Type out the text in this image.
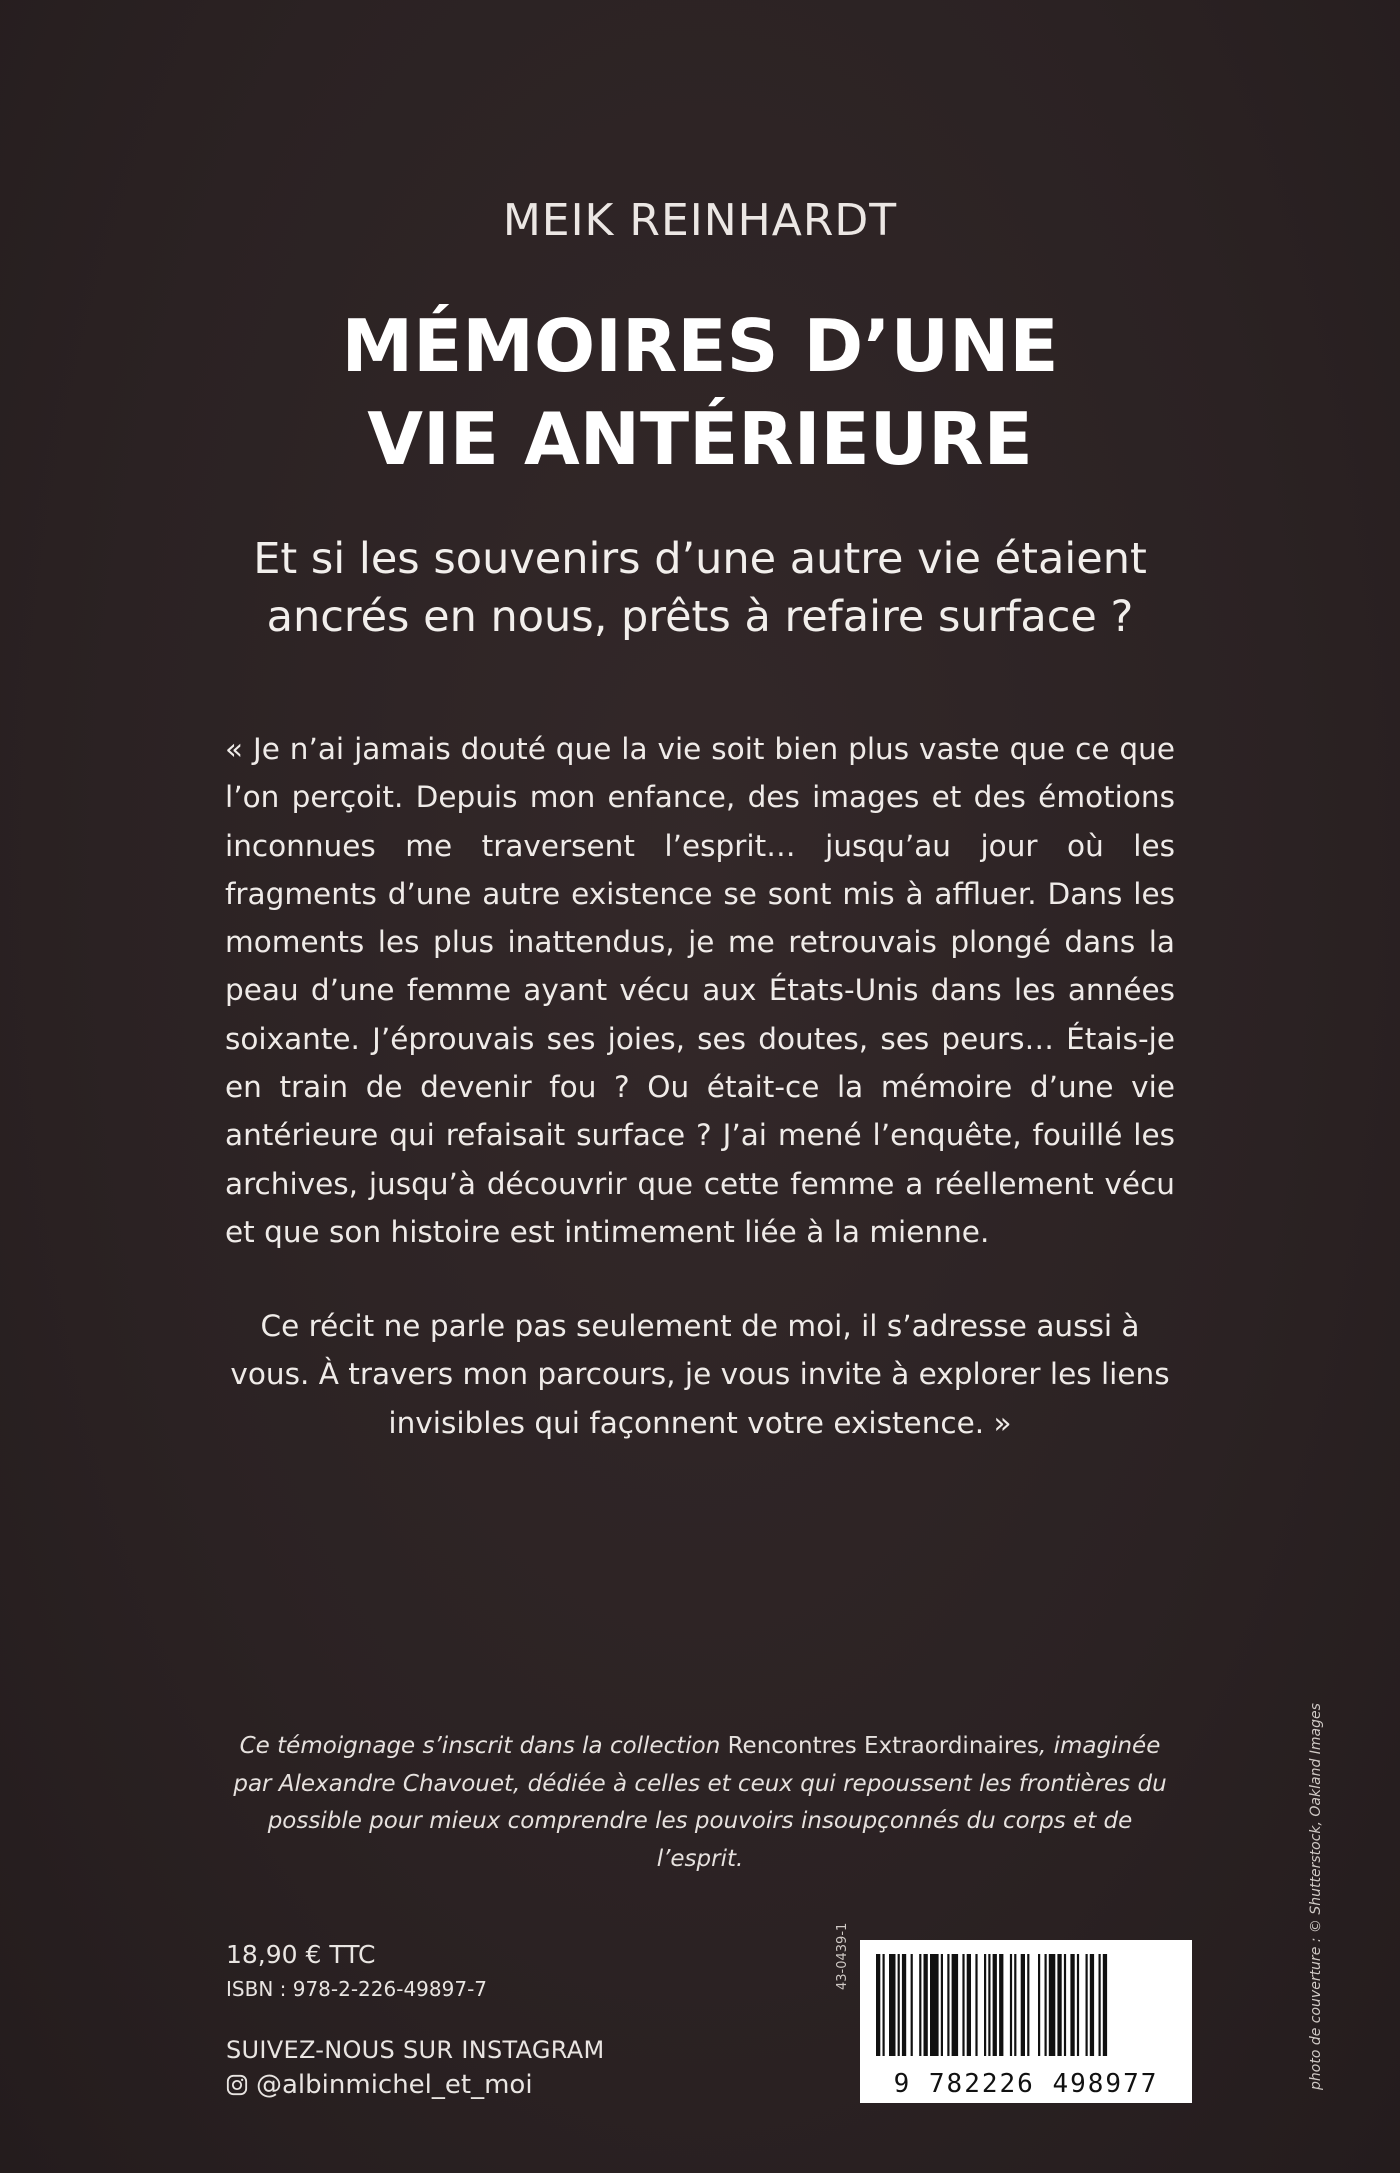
MEIK REINHARDT
MÉMOIRES D’UNE
VIE ANTÉRIEURE

Et si les souvenirs d’une autre vie étaient ancrés en nous, prêts à refaire surface ?

« Je n’ai jamais douté que la vie soit bien plus vaste que ce que l’on perçoit. Depuis mon enfance, des images et des émotions inconnues me traversent l’esprit… jusqu’au jour où les fragments d’une autre existence se sont mis à affluer. Dans les moments les plus inattendus, je me retrouvais plongé dans la peau d’une femme ayant vécu aux États-Unis dans les années soixante. J’éprouvais ses joies, ses doutes, ses peurs… Étais-je en train de devenir fou ? Ou était-ce la mémoire d’une vie antérieure qui refaisait surface ? J’ai mené l’enquête, fouillé les archives, jusqu’à découvrir que cette femme a réellement vécu et que son histoire est intimement liée à la mienne.

Ce récit ne parle pas seulement de moi, il s’adresse aussi à vous. À travers mon parcours, je vous invite à explorer les liens invisibles qui façonnent votre existence. »

Ce témoignage s’inscrit dans la collection Rencontres Extraordinaires, imaginée par Alexandre Chavouet, dédiée à celles et ceux qui repoussent les frontières du possible pour mieux comprendre les pouvoirs insoupçonnés du corps et de l’esprit.

18,90 € TTC
ISBN : 978-2-226-49897-7
SUIVEZ-NOUS SUR INSTAGRAM
@albinmichel_et_moi
43-0439-1
9 782226 498977	photo de couverture : © Shutterstock, Oakland Images
